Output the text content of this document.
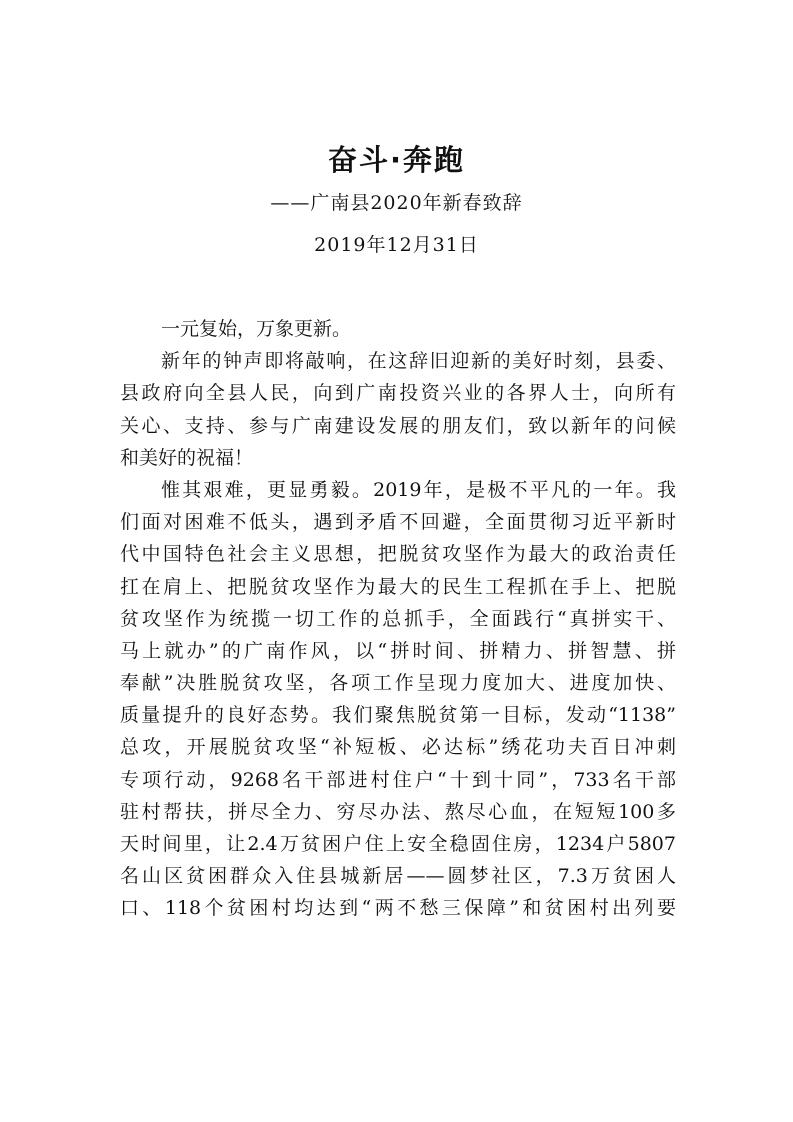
奋斗·奔跑
——广南县2020年新春致辞
2019年12月31日
一元复始，万象更新。
新年的钟声即将敲响，在这辞旧迎新的美好时刻，县委、
县政府向全县人民，向到广南投资兴业的各界人士，向所有
关心、支持、参与广南建设发展的朋友们，致以新年的问候
和美好的祝福！
惟其艰难，更显勇毅。2019年，是极不平凡的一年。我
们面对困难不低头，遇到矛盾不回避，全面贯彻习近平新时
代中国特色社会主义思想，把脱贫攻坚作为最大的政治责任
扛在肩上、把脱贫攻坚作为最大的民生工程抓在手上、把脱
贫攻坚作为统揽一切工作的总抓手，全面践行“真拼实干、
马上就办”的广南作风，以“拼时间、拼精力、拼智慧、拼
奉献”决胜脱贫攻坚，各项工作呈现力度加大、进度加快、
质量提升的良好态势。我们聚焦脱贫第一目标，发动“1138”
总攻，开展脱贫攻坚“补短板、必达标”绣花功夫百日冲刺
专项行动，9268名干部进村住户“十到十同”，733名干部
驻村帮扶，拼尽全力、穷尽办法、熬尽心血，在短短100多
天时间里，让2.4万贫困户住上安全稳固住房，1234户5807
名山区贫困群众入住县城新居——圆梦社区，7.3万贫困人
口、118个贫困村均达到“两不愁三保障”和贫困村出列要
